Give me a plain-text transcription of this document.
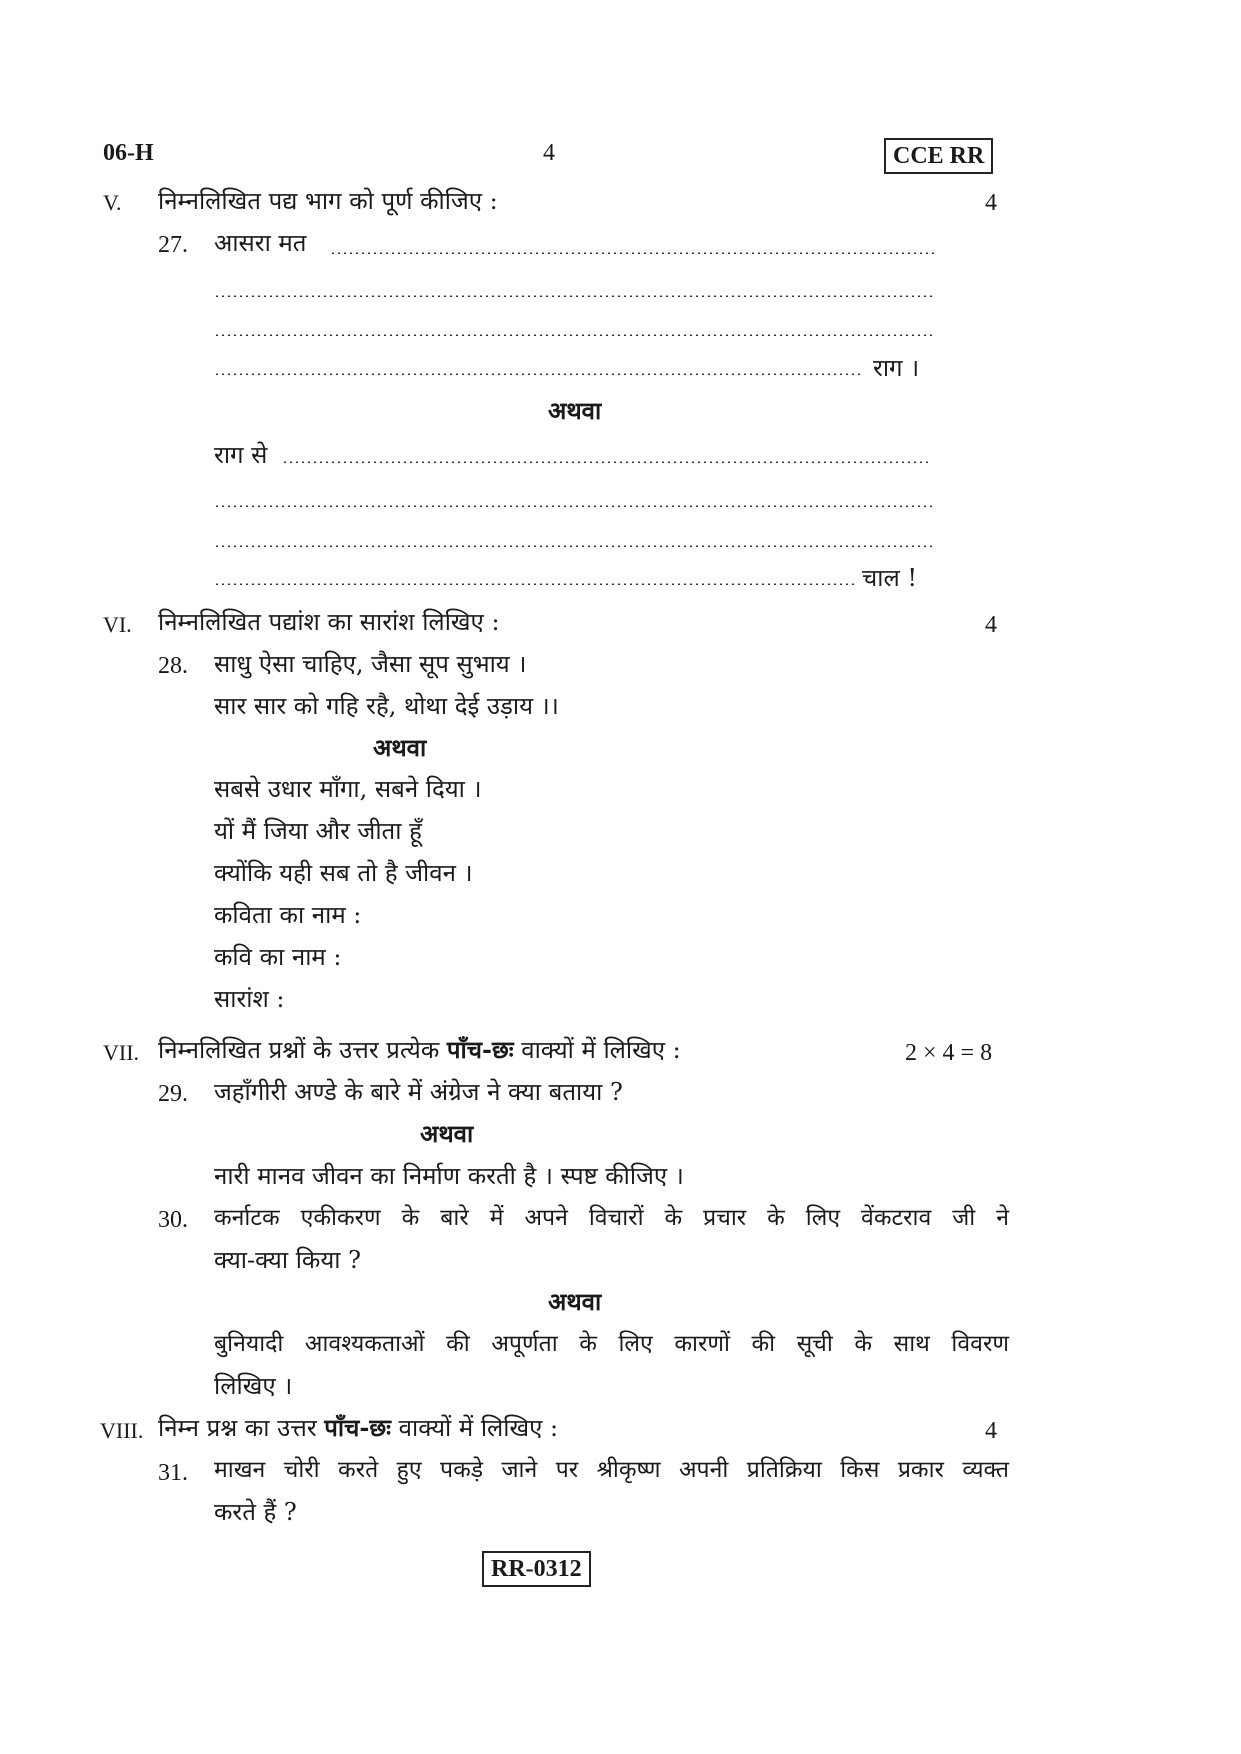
06-H	4	CCE RR
V. निम्नलिखित पद्य भाग को पूर्ण कीजिए :	4
27. आसरा मत
राग ।
अथवा
राग से
चाल !
VI. निम्नलिखित पद्यांश का सारांश लिखिए :	4
28. साधु ऐसा चाहिए, जैसा सूप सुभाय ।
सार सार को गहि रहै, थोथा देई उड़ाय ।।
अथवा
सबसे उधार माँगा, सबने दिया ।
यों मैं जिया और जीता हूँ
क्योंकि यही सब तो है जीवन ।
कविता का नाम :
कवि का नाम :
सारांश :
VII. निम्नलिखित प्रश्नों के उत्तर प्रत्येक पाँच-छः वाक्यों में लिखिए :	2 × 4 = 8
29. जहाँगीरी अण्डे के बारे में अंग्रेज ने क्या बताया ?
अथवा
नारी मानव जीवन का निर्माण करती है । स्पष्ट कीजिए ।
30. कर्नाटक एकीकरण के बारे में अपने विचारों के प्रचार के लिए वेंकटराव जी ने
क्या-क्या किया ?
अथवा
बुनियादी आवश्यकताओं की अपूर्णता के लिए कारणों की सूची के साथ विवरण
लिखिए ।
VIII. निम्न प्रश्न का उत्तर पाँच-छः वाक्यों में लिखिए :	4
31. माखन चोरी करते हुए पकड़े जाने पर श्रीकृष्ण अपनी प्रतिक्रिया किस प्रकार व्यक्त
करते हैं ?
RR-0312
